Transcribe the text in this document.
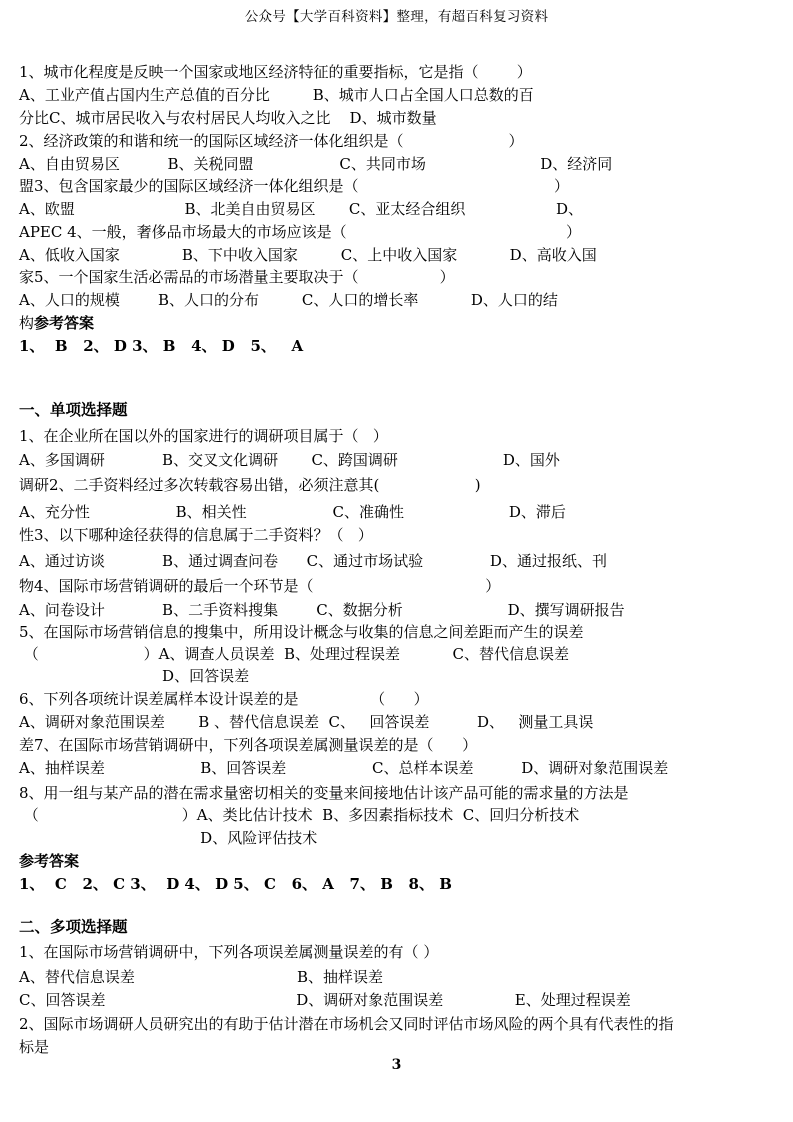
公众号【大学百科资料】整理，有超百科复习资料
1、城市化程度是反映一个国家或地区经济特征的重要指标，它是指（        ）
A、工业产值占国内生产总值的百分比         B、城市人口占全国人口总数的百
分比C、城市居民收入与农村居民人均收入之比    D、城市数量
2、经济政策的和谐和统一的国际区域经济一体化组织是（                      ）
A、自由贸易区          B、关税同盟                  C、共同市场                        D、经济同
盟3、包含国家最少的国际区域经济一体化组织是（                                         ）
A、欧盟                       B、北美自由贸易区       C、亚太经合组织                   D、
APEC 4、一般，奢侈品市场最大的市场应该是（                                              ）
A、低收入国家             B、下中收入国家         C、上中收入国家           D、高收入国
家5、一个国家生活必需品的市场潜量主要取决于（                 ）
A、人口的规模        B、人口的分布         C、人口的增长率           D、人口的结
构参考答案
1、  B   2、 D 3、 B   4、 D   5、   A
一、单项选择题
1、在企业所在国以外的国家进行的调研项目属于（   ）
A、多国调研            B、交叉文化调研       C、跨国调研                      D、国外
调研2、二手资料经过多次转载容易出错，必须注意其(                    )
A、充分性                  B、相关性                  C、准确性                      D、滞后
性3、以下哪种途径获得的信息属于二手资料？（   ）
A、通过访谈            B、通过调查问卷      C、通过市场试验              D、通过报纸、刊
物4、国际市场营销调研的最后一个环节是（                                    ）
A、问卷设计            B、二手资料搜集        C、数据分析                      D、撰写调研报告
5、在国际市场营销信息的搜集中，所用设计概念与收集的信息之间差距而产生的误差
（                      ）A、调查人员误差  B、处理过程误差           C、替代信息误差
D、回答误差
6、下列各项统计误差属样本设计误差的是               （      ）
A、调研对象范围误差       B 、替代信息误差  C、   回答误差          D、   测量工具误
差7、在国际市场营销调研中，下列各项误差属测量误差的是（      ）
A、抽样误差                    B、回答误差                  C、总样本误差          D、调研对象范围误差
8、用一组与某产品的潜在需求量密切相关的变量来间接地估计该产品可能的需求量的方法是
（                              ）A、类比估计技术  B、多因素指标技术  C、回归分析技术
D、风险评估技术
参考答案
1、  C   2、 C 3、  D 4、 D 5、 C   6、 A   7、 B   8、 B
二、多项选择题
1、在国际市场营销调研中，下列各项误差属测量误差的有（ ）
A、替代信息误差                                  B、抽样误差
C、回答误差                                        D、调研对象范围误差               E、处理过程误差
2、国际市场调研人员研究出的有助于估计潜在市场机会又同时评估市场风险的两个具有代表性的指
标是
3
